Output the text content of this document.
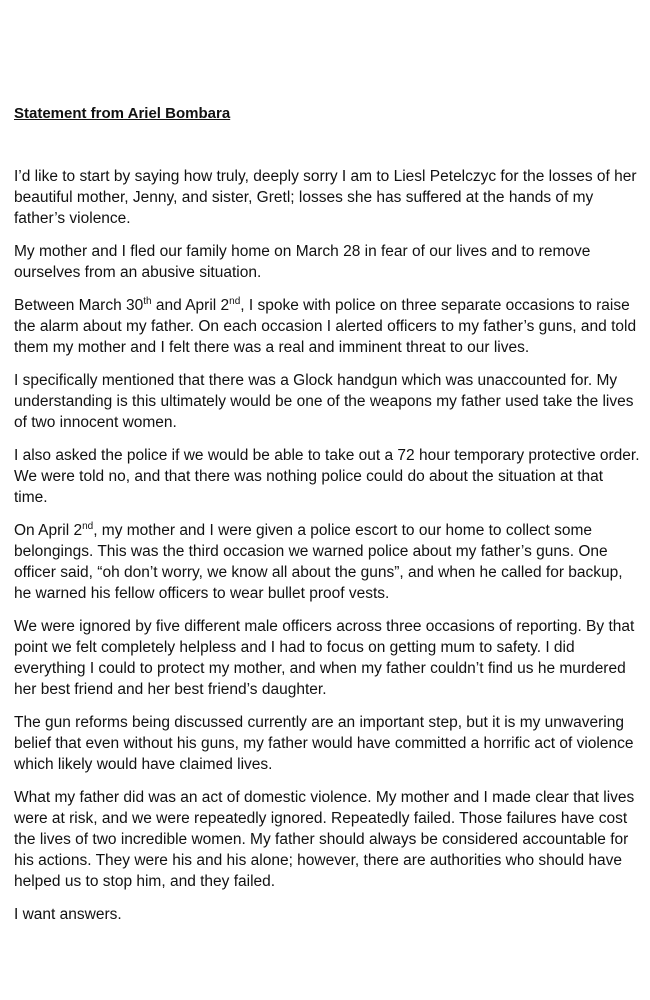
Statement from Ariel Bombara

I’d like to start by saying how truly, deeply sorry I am to Liesl Petelczyc for the losses of her beautiful mother, Jenny, and sister, Gretl; losses she has suffered at the hands of my father’s violence.

My mother and I fled our family home on March 28 in fear of our lives and to remove ourselves from an abusive situation.

Between March 30th and April 2nd, I spoke with police on three separate occasions to raise the alarm about my father. On each occasion I alerted officers to my father’s guns, and told them my mother and I felt there was a real and imminent threat to our lives.

I specifically mentioned that there was a Glock handgun which was unaccounted for. My understanding is this ultimately would be one of the weapons my father used take the lives of two innocent women.

I also asked the police if we would be able to take out a 72 hour temporary protective order. We were told no, and that there was nothing police could do about the situation at that time.

On April 2nd, my mother and I were given a police escort to our home to collect some belongings. This was the third occasion we warned police about my father’s guns. One officer said, “oh don’t worry, we know all about the guns”, and when he called for backup, he warned his fellow officers to wear bullet proof vests.

We were ignored by five different male officers across three occasions of reporting. By that point we felt completely helpless and I had to focus on getting mum to safety. I did everything I could to protect my mother, and when my father couldn’t find us he murdered her best friend and her best friend’s daughter.

The gun reforms being discussed currently are an important step, but it is my unwavering belief that even without his guns, my father would have committed a horrific act of violence which likely would have claimed lives.

What my father did was an act of domestic violence. My mother and I made clear that lives were at risk, and we were repeatedly ignored. Repeatedly failed. Those failures have cost the lives of two incredible women. My father should always be considered accountable for his actions. They were his and his alone; however, there are authorities who should have helped us to stop him, and they failed.

I want answers.
